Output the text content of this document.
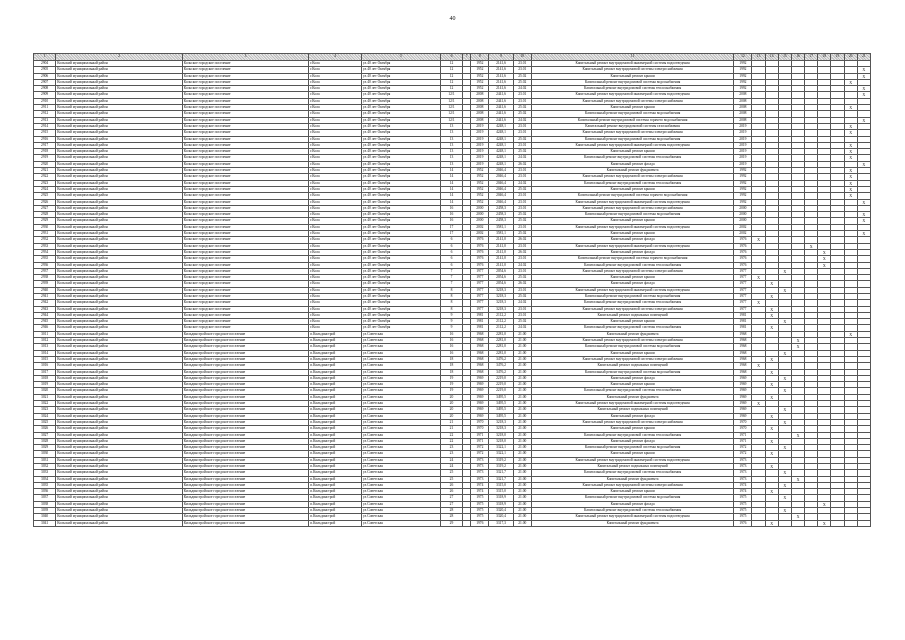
40
1	2	3	4	5	6	7	8	9	10	11	12	13	14	15	16	17	18	19	20	21
2904	Кольский муниципальный район	Кольское городское поселение	г.Кола	ул.40 лет Октября	12		1952	2141,6	23.01	Капитальный ремонт внутридомовой инженерной системы водоотведения	1992									
2905	Кольский муниципальный район	Кольское городское поселение	г.Кола	ул.40 лет Октября	12		1952	2141,6	23.01	Капитальный ремонт внутридомовой системы электроснабжения	1992									X
2906	Кольский муниципальный район	Кольское городское поселение	г.Кола	ул.40 лет Октября	12		1952	2141,6	25.02	Капитальный ремонт крыши	1992									X
2907	Кольский муниципальный район	Кольское городское поселение	г.Кола	ул.40 лет Октября	12		1952	2141,6	25.02	Капитальный ремонт внутридомовой системы водоснабжения	1992								X	
2908	Кольский муниципальный район	Кольское городское поселение	г.Кола	ул.40 лет Октября	12		1952	2141,6	24.02	Капитальный ремонт внутридомовой системы теплоснабжения	1992									X
2909	Кольский муниципальный район	Кольское городское поселение	г.Кола	ул.40 лет Октября	12/1		2008	2441,6	23.01	Капитальный ремонт внутридомовой инженерной системы водоотведения	2008									X
2910	Кольский муниципальный район	Кольское городское поселение	г.Кола	ул.40 лет Октября	12/1		2008	2441,6	23.01	Капитальный ремонт внутридомовой системы электроснабжения	2008									
2911	Кольский муниципальный район	Кольское городское поселение	г.Кола	ул.40 лет Октября	12/1		2008	2441,6	25.02	Капитальный ремонт крыши	2008								X	
2912	Кольский муниципальный район	Кольское городское поселение	г.Кола	ул.40 лет Октября	12/1		2008	2441,6	25.02	Капитальный ремонт внутридомовой системы водоснабжения	2008									
2913	Кольский муниципальный район	Кольское городское поселение	г.Кола	ул.40 лет Октября	12/1		2008	2441,6	24.02	Капитальный ремонт внутридомовой системы горячего водоснабжения	2008									X
2914	Кольский муниципальный район	Кольское городское поселение	г.Кола	ул.40 лет Октября	13		2019	4248,1	23.01	Капитальный ремонт внутридомовой системы газоснабжения	2019								X	
2915	Кольский муниципальный район	Кольское городское поселение	г.Кола	ул.40 лет Октября	13		2019	4248,1	23.01	Капитальный ремонт внутридомовой системы электроснабжения	2019								X	
2916	Кольский муниципальный район	Кольское городское поселение	г.Кола	ул.40 лет Октября	13		2019	4248,1	25.02	Капитальный ремонт внутридомовой системы водоснабжения	2019									
2917	Кольский муниципальный район	Кольское городское поселение	г.Кола	ул.40 лет Октября	13		2019	4248,1	23.01	Капитальный ремонт внутридомовой инженерной системы водоотведения	2019								X	
2918	Кольский муниципальный район	Кольское городское поселение	г.Кола	ул.40 лет Октября	13		2019	4248,1	25.02	Капитальный ремонт крыши	2019								X	
2919	Кольский муниципальный район	Кольское городское поселение	г.Кола	ул.40 лет Октября	13		2019	4248,1	24.02	Капитальный ремонт внутридомовой системы теплоснабжения	2019								X	
2920	Кольский муниципальный район	Кольское городское поселение	г.Кола	ул.40 лет Октября	13		2019	4248,1	26.02	Капитальный ремонт фасада	2019									X
2921	Кольский муниципальный район	Кольское городское поселение	г.Кола	ул.40 лет Октября	14		1952	2046,4	23.01	Капитальный ремонт фундамента	1992								X	
2922	Кольский муниципальный район	Кольское городское поселение	г.Кола	ул.40 лет Октября	14		1952	2046,4	23.01	Капитальный ремонт внутридомовой системы электроснабжения	1992								X	
2923	Кольский муниципальный район	Кольское городское поселение	г.Кола	ул.40 лет Октября	14		1952	2046,4	24.02	Капитальный ремонт внутридомовой системы теплоснабжения	1992								X	
2924	Кольский муниципальный район	Кольское городское поселение	г.Кола	ул.40 лет Октября	14		1952	2046,4	25.02	Капитальный ремонт крыши	1992								X	
2925	Кольский муниципальный район	Кольское городское поселение	г.Кола	ул.40 лет Октября	14		1952	2046,4	23.01	Капитальный ремонт внутридомовой системы горячего водоснабжения	1992								X	
2926	Кольский муниципальный район	Кольское городское поселение	г.Кола	ул.40 лет Октября	14		1952	2046,4	23.01	Капитальный ремонт внутридомовой инженерной системы водоотведения	1992									X
2927	Кольский муниципальный район	Кольское городское поселение	г.Кола	ул.40 лет Октября	16		2000	2458,3	23.01	Капитальный ремонт внутридомовой системы электроснабжения	2000									
2928	Кольский муниципальный район	Кольское городское поселение	г.Кола	ул.40 лет Октября	16		2000	2458,3	25.02	Капитальный ремонт внутридомовой системы водоснабжения	2000									X
2929	Кольский муниципальный район	Кольское городское поселение	г.Кола	ул.40 лет Октября	16		2000	2458,3	25.02	Капитальный ремонт крыши	2000									X
2930	Кольский муниципальный район	Кольское городское поселение	г.Кола	ул.40 лет Октября	17		2002	3581,1	23.01	Капитальный ремонт внутридомовой инженерной системы водоотведения	2002									
2931	Кольский муниципальный район	Кольское городское поселение	г.Кола	ул.40 лет Октября	17		2002	3581,1	25.02	Капитальный ремонт крыши	2002									X
2932	Кольский муниципальный район	Кольское городское поселение	г.Кола	ул.40 лет Октября	6		1976	2141,0	26.02	Капитальный ремонт фасада	1976	X								
2933	Кольский муниципальный район	Кольское городское поселение	г.Кола	ул.40 лет Октября	6		1976	2141,0	23.01	Капитальный ремонт внутридомовой инженерной системы водоотведения	1976					X				
2934	Кольский муниципальный район	Кольское городское поселение	г.Кола	ул.40 лет Октября	6		1976	2141,0	26.02	Капитальный ремонт фасада	1976						X			
2935	Кольский муниципальный район	Кольское городское поселение	г.Кола	ул.40 лет Октября	6		1976	2141,0	23.01	Капитальный ремонт внутридомовой системы горячего водоснабжения	1976						X			
2936	Кольский муниципальный район	Кольское городское поселение	г.Кола	ул.40 лет Октября	6		1976	2141,0	24.02	Капитальный ремонт внутридомовой системы теплоснабжения	1976						X			
2937	Кольский муниципальный район	Кольское городское поселение	г.Кола	ул.40 лет Октября	7		1977	2054,6	23.01	Капитальный ремонт внутридомовой системы электроснабжения	1977			X						
2938	Кольский муниципальный район	Кольское городское поселение	г.Кола	ул.40 лет Октября	7		1977	2054,6	25.02	Капитальный ремонт крыши	1977	X								
2939	Кольский муниципальный район	Кольское городское поселение	г.Кола	ул.40 лет Октября	7		1977	2054,6	26.02	Капитальный ремонт фасада	1977		X							
2940	Кольский муниципальный район	Кольское городское поселение	г.Кола	ул.40 лет Октября	8		1977	3218,3	23.01	Капитальный ремонт внутридомовой инженерной системы водоотведения	1977			X						
2941	Кольский муниципальный район	Кольское городское поселение	г.Кола	ул.40 лет Октября	8		1977	3218,3	25.02	Капитальный ремонт внутридомовой системы водоснабжения	1977		X							
2942	Кольский муниципальный район	Кольское городское поселение	г.Кола	ул.40 лет Октября	8		1977	3218,3	24.02	Капитальный ремонт внутридомовой системы теплоснабжения	1977	X								
2943	Кольский муниципальный район	Кольское городское поселение	г.Кола	ул.40 лет Октября	8		1977	3218,3	23.01	Капитальный ремонт внутридомовой системы электроснабжения	1977		X							
2944	Кольский муниципальный район	Кольское городское поселение	г.Кола	ул.40 лет Октября	9		1981	2112,2	23.01	Капитальный ремонт подвальных помещений	1981		X							
2945	Кольский муниципальный район	Кольское городское поселение	г.Кола	ул.40 лет Октября	9		1981	2112,2	25.02	Капитальный ремонт крыши	1981			X						
2946	Кольский муниципальный район	Кольское городское поселение	г.Кола	ул.40 лет Октября	9		1981	2112,2	24.02	Капитальный ремонт внутридомовой системы теплоснабжения	1981		X							
3011	Кольский муниципальный район	Кильдинстройское городское поселение	п.Кильдинстрой	ул.Советская	16		1968	2281,0	21.00	Капитальный ремонт фундамента	1968								X	
3012	Кольский муниципальный район	Кильдинстройское городское поселение	п.Кильдинстрой	ул.Советская	16		1968	2281,0	21.00	Капитальный ремонт внутридомовой системы электроснабжения	1968				X					
3013	Кольский муниципальный район	Кильдинстройское городское поселение	п.Кильдинстрой	ул.Советская	16		1968	2281,0	21.00	Капитальный ремонт внутридомовой системы водоснабжения	1968				X					
3014	Кольский муниципальный район	Кильдинстройское городское поселение	п.Кильдинстрой	ул.Советская	16		1968	2281,0	21.00	Капитальный ремонт крыши	1968			X						
3015	Кольский муниципальный район	Кильдинстройское городское поселение	п.Кильдинстрой	ул.Советская	18		1968	3476,2	21.00	Капитальный ремонт внутридомовой системы электроснабжения	1968		X							
3016	Кольский муниципальный район	Кильдинстройское городское поселение	п.Кильдинстрой	ул.Советская	18		1968	3476,2	21.00	Капитальный ремонт подвальных помещений	1968	X								
3017	Кольский муниципальный район	Кильдинстройское городское поселение	п.Кильдинстрой	ул.Советская	18		1968	3476,2	21.00	Капитальный ремонт внутридомовой системы водоснабжения	1968		X							
3018	Кольский муниципальный район	Кильдинстройское городское поселение	п.Кильдинстрой	ул.Советская	19		1969	2219,0	21.00	Капитальный ремонт фасада	1969			X						
3019	Кольский муниципальный район	Кильдинстройское городское поселение	п.Кильдинстрой	ул.Советская	19		1969	2219,0	21.00	Капитальный ремонт крыши	1969		X							
3020	Кольский муниципальный район	Кильдинстройское городское поселение	п.Кильдинстрой	ул.Советская	19		1969	2219,0	21.00	Капитальный ремонт внутридомовой системы теплоснабжения	1969			X						
3021	Кольский муниципальный район	Кильдинстройское городское поселение	п.Кильдинстрой	ул.Советская	20		1969	3495,5	21.00	Капитальный ремонт фундамента	1969		X							
3022	Кольский муниципальный район	Кильдинстройское городское поселение	п.Кильдинстрой	ул.Советская	20		1969	3495,5	21.00	Капитальный ремонт внутридомовой инженерной системы водоотведения	1969	X								
3023	Кольский муниципальный район	Кильдинстройское городское поселение	п.Кильдинстрой	ул.Советская	20		1969	3495,5	21.00	Капитальный ремонт подвальных помещений	1969			X						
3024	Кольский муниципальный район	Кильдинстройское городское поселение	п.Кильдинстрой	ул.Советская	20		1969	3495,5	21.00	Капитальный ремонт фасада	1969		X							
3025	Кольский муниципальный район	Кильдинстройское городское поселение	п.Кильдинстрой	ул.Советская	21		1970	3218,3	21.00	Капитальный ремонт внутридомовой системы электроснабжения	1970			X						
3026	Кольский муниципальный район	Кильдинстройское городское поселение	п.Кильдинстрой	ул.Советская	21		1970	3218,3	21.00	Капитальный ремонт крыши	1970		X							
3027	Кольский муниципальный район	Кильдинстройское городское поселение	п.Кильдинстрой	ул.Советская	22		1971	3218,0	21.00	Капитальный ремонт внутридомовой системы теплоснабжения	1971				X					
3028	Кольский муниципальный район	Кильдинстройское городское поселение	п.Кильдинстрой	ул.Советская	22		1971	3218,0	21.00	Капитальный ремонт фасада	1971		X							
3029	Кольский муниципальный район	Кильдинстройское городское поселение	п.Кильдинстрой	ул.Советская	23		1972	3322,1	21.00	Капитальный ремонт внутридомовой системы водоснабжения	1972			X						
3030	Кольский муниципальный район	Кильдинстройское городское поселение	п.Кильдинстрой	ул.Советская	23		1972	3322,1	21.00	Капитальный ремонт крыши	1972		X							
3031	Кольский муниципальный район	Кильдинстройское городское поселение	п.Кильдинстрой	ул.Советская	24		1973	3319,2	21.00	Капитальный ремонт внутридомовой инженерной системы водоотведения	1973									
3032	Кольский муниципальный район	Кильдинстройское городское поселение	п.Кильдинстрой	ул.Советская	24		1973	3319,2	21.00	Капитальный ремонт подвальных помещений	1973		X							
3033	Кольский муниципальный район	Кильдинстройское городское поселение	п.Кильдинстрой	ул.Советская	25		1973	3321,7	21.00	Капитальный ремонт внутридомовой системы теплоснабжения	1973			X						
3034	Кольский муниципальный район	Кильдинстройское городское поселение	п.Кильдинстрой	ул.Советская	25		1973	3321,7	21.00	Капитальный ремонт фундамента	1973				X					
3035	Кольский муниципальный район	Кильдинстройское городское поселение	п.Кильдинстрой	ул.Советская	26		1974	3315,0	21.00	Капитальный ремонт внутридомовой системы электроснабжения	1974			X						
3036	Кольский муниципальный район	Кильдинстройское городское поселение	п.Кильдинстрой	ул.Советская	26		1974	3315,0	21.00	Капитальный ремонт крыши	1974		X							
3037	Кольский муниципальный район	Кильдинстройское городское поселение	п.Кильдинстрой	ул.Советская	27		1975	3318,9	21.00	Капитальный ремонт внутридомовой системы водоснабжения	1975			X						
3038	Кольский муниципальный район	Кильдинстройское городское поселение	п.Кильдинстрой	ул.Советская	27		1975	3318,9	21.00	Капитальный ремонт фасада	1975						X			
3039	Кольский муниципальный район	Кильдинстройское городское поселение	п.Кильдинстрой	ул.Советская	28		1975	3320,4	21.00	Капитальный ремонт внутридомовой системы теплоснабжения	1975			X						
3040	Кольский муниципальный район	Кильдинстройское городское поселение	п.Кильдинстрой	ул.Советская	28		1975	3320,4	21.00	Капитальный ремонт внутридомовой инженерной системы водоотведения	1975				X					
3041	Кольский муниципальный район	Кильдинстройское городское поселение	п.Кильдинстрой	ул.Советская	29		1976	3317,3	21.00	Капитальный ремонт фундамента	1976		X				X			
